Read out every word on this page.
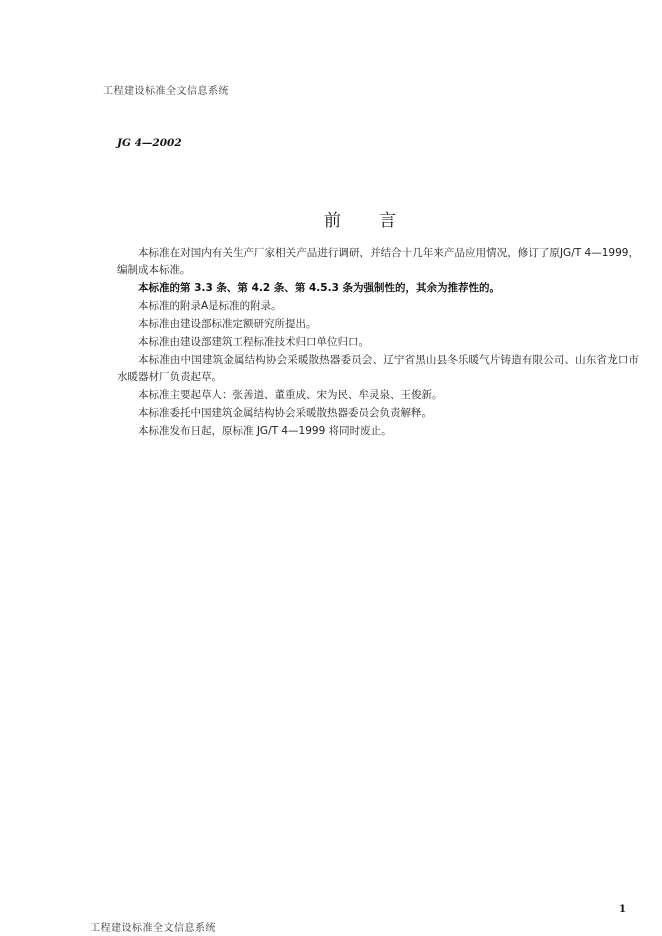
工程建设标准全文信息系统
JG 4—2002
前言

本标准在对国内有关生产厂家相关产品进行调研，并结合十几年来产品应用情况，修订了原JG/T 4—1999，编制成本标准。

本标准的第 3.3 条、第 4.2 条、第 4.5.3 条为强制性的，其余为推荐性的。

本标准的附录A是标准的附录。

本标准由建设部标准定额研究所提出。

本标准由建设部建筑工程标准技术归口单位归口。

本标准由中国建筑金属结构协会采暖散热器委员会、辽宁省黑山县冬乐暖气片铸造有限公司、山东省龙口市水暖器材厂负责起草。

本标准主要起草人：张善道、董重成、宋为民、牟灵泉、王俊新。

本标准委托中国建筑金属结构协会采暖散热器委员会负责解释。

本标准发布日起，原标准 JG/T 4—1999 将同时废止。

1
工程建设标准全文信息系统
